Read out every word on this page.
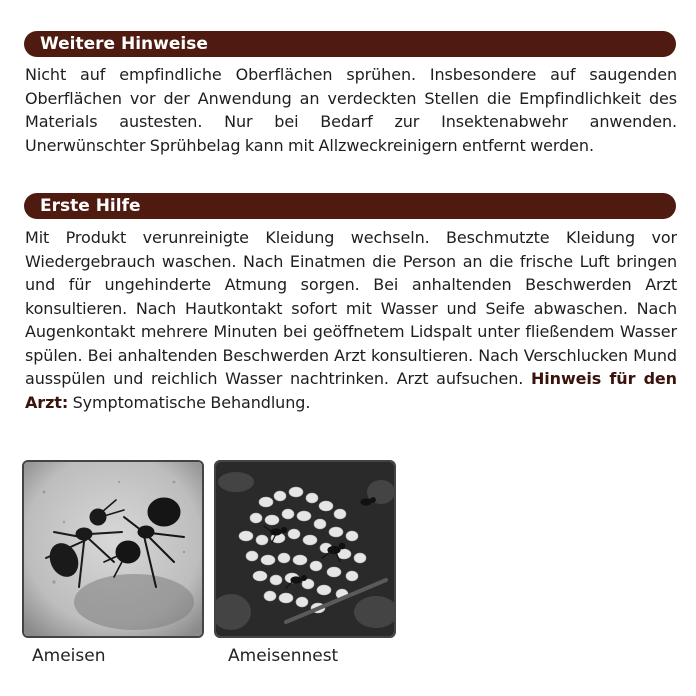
Weitere Hinweise
Nicht auf empfindliche Oberflächen sprühen. Insbesondere auf saugenden Oberflächen vor der Anwendung an verdeckten Stellen die Empfindlichkeit des Materials austesten. Nur bei Bedarf zur Insektenabwehr anwenden. Unerwünschter Sprühbelag kann mit Allzweckreinigern entfernt werden.
Erste Hilfe
Mit Produkt verunreinigte Kleidung wechseln. Beschmutzte Kleidung vor Wiedergebrauch waschen. Nach Einatmen die Person an die frische Luft bringen und für ungehinderte Atmung sorgen. Bei anhaltenden Beschwerden Arzt konsultieren. Nach Hautkontakt sofort mit Wasser und Seife abwaschen. Nach Augenkontakt mehrere Minuten bei geöffnetem Lidspalt unter fließendem Wasser spülen. Bei anhaltenden Beschwerden Arzt konsultieren. Nach Verschlucken Mund ausspülen und reichlich Wasser nachtrinken. Arzt aufsuchen. Hinweis für den Arzt: Symptomatische Behandlung.
Ameisen	Ameisennest
